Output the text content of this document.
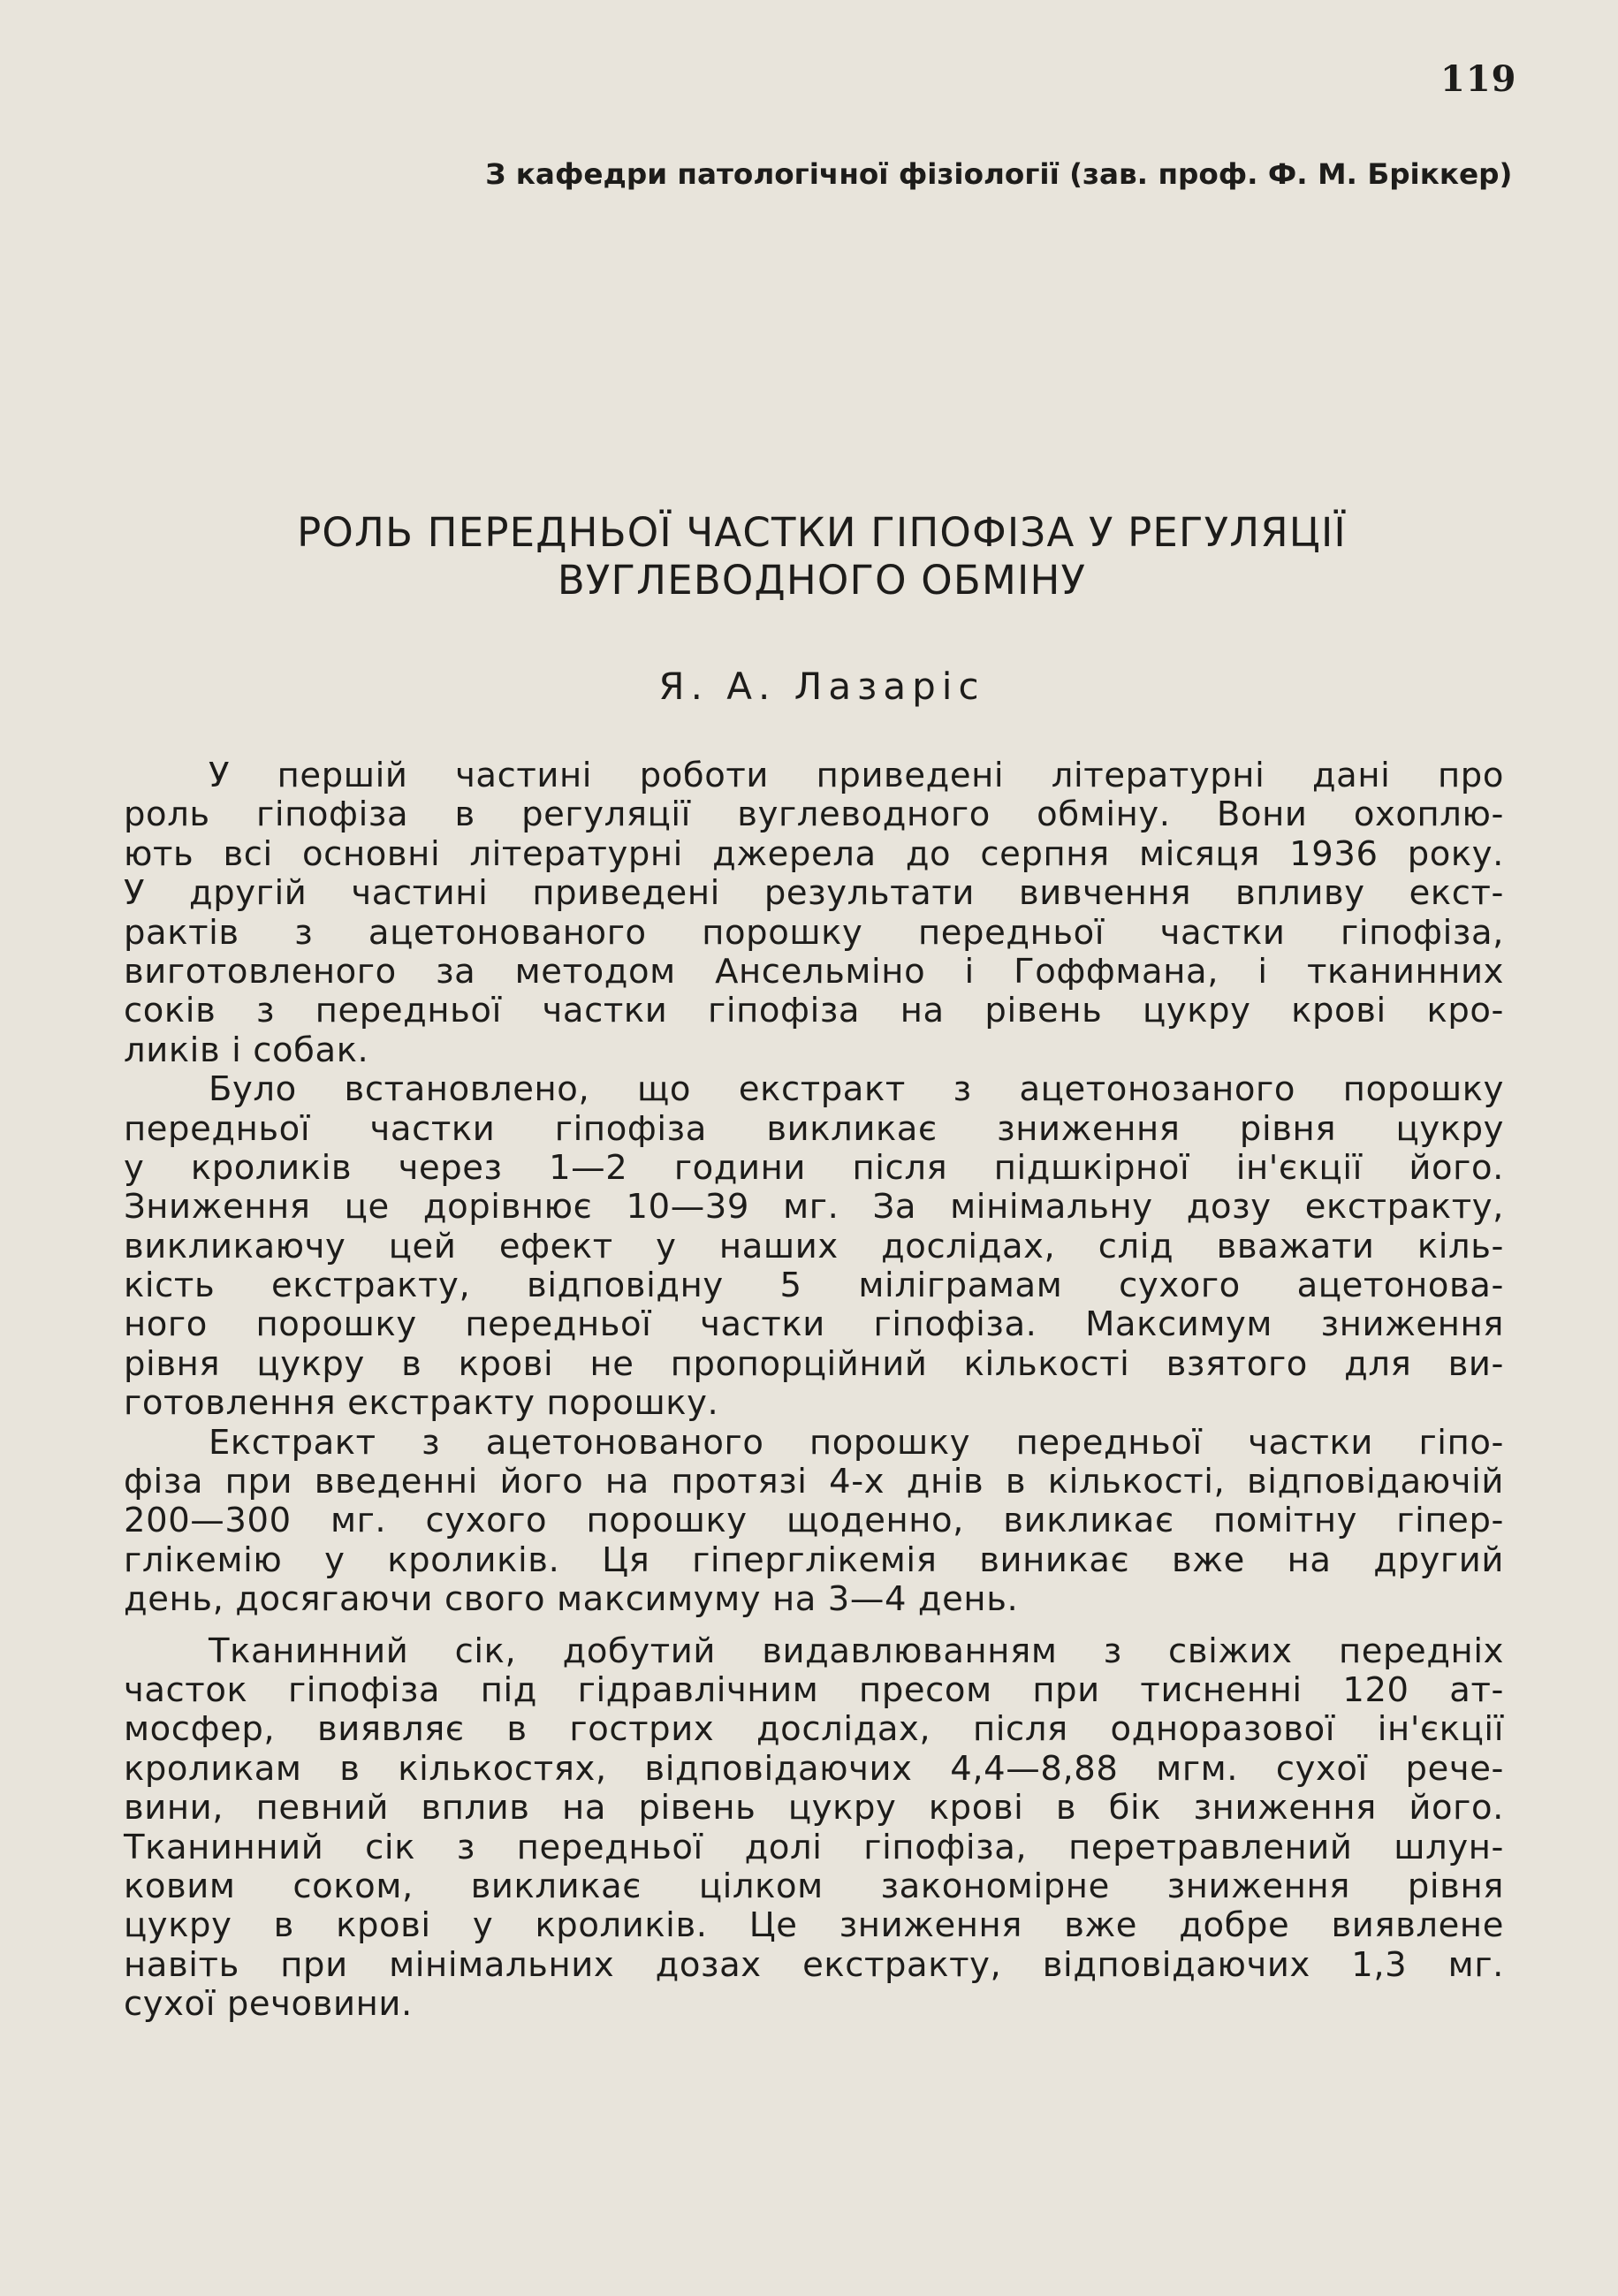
119
З кафедри патологічної фізіології (зав. проф. Ф. М. Бріккер)
РОЛЬ ПЕРЕДНЬОЇ ЧАСТКИ ГІПОФІЗА У РЕГУЛЯЦІЇ
ВУГЛЕВОДНОГО ОБМІНУ
Я. А. Лазаріс
У першій частині роботи приведені літературні дані про
роль гіпофіза в регуляції вуглеводного обміну. Вони охоплю-
ють всі основні літературні джерела до серпня місяця 1936 року.
У другій частині приведені результати вивчення впливу екст-
рактів з ацетонованого порошку передньої частки гіпофіза,
виготовленого за методом Ансельміно і Гоффмана, і тканинних
соків з передньої частки гіпофіза на рівень цукру крові кро-
ликів і собак.
Було встановлено, що екстракт з ацетонозаного порошку
передньої частки гіпофіза викликає зниження рівня цукру
у кроликів через 1—2 години після підшкірної ін'єкції його.
Зниження це дорівнює 10—39 мг. За мінімальну дозу екстракту,
викликаючу цей ефект у наших дослідах, слід вважати кіль-
кість екстракту, відповідну 5 міліграмам сухого ацетонова-
ного порошку передньої частки гіпофіза. Максимум зниження
рівня цукру в крові не пропорційний кількості взятого для ви-
готовлення екстракту порошку.
Екстракт з ацетонованого порошку передньої частки гіпо-
фіза при введенні його на протязі 4-х днів в кількості, відповідаючій
200—300 мг. сухого порошку щоденно, викликає помітну гіпер-
глікемію у кроликів. Ця гіперглікемія виникає вже на другий
день, досягаючи свого максимуму на 3—4 день.
Тканинний сік, добутий видавлюванням з свіжих передніх
часток гіпофіза під гідравлічним пресом при тисненні 120 ат-
мосфер, виявляє в гострих дослідах, після одноразової ін'єкції
кроликам в кількостях, відповідаючих 4,4—8,88 мгм. сухої рече-
вини, певний вплив на рівень цукру крові в бік зниження його.
Тканинний сік з передньої долі гіпофіза, перетравлений шлун-
ковим соком, викликає цілком закономірне зниження рівня
цукру в крові у кроликів. Це зниження вже добре виявлене
навіть при мінімальних дозах екстракту, відповідаючих 1,3 мг.
сухої речовини.
